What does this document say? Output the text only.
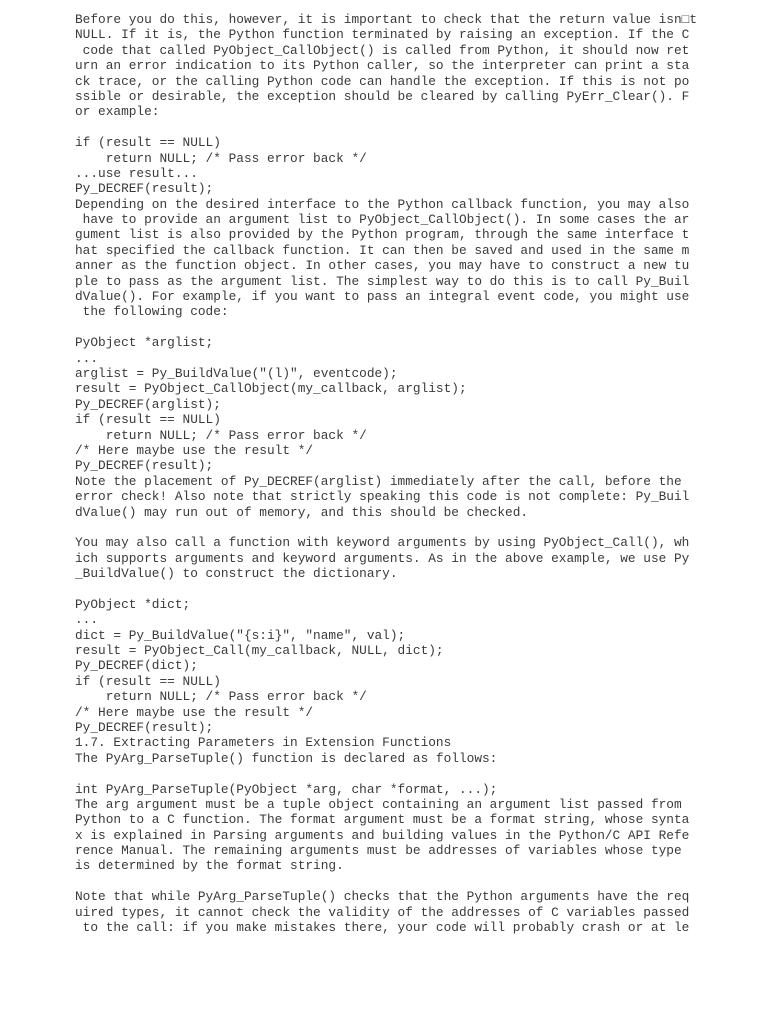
Before you do this, however, it is important to check that the return value isn□t
NULL. If it is, the Python function terminated by raising an exception. If the C
code that called PyObject_CallObject() is called from Python, it should now ret
urn an error indication to its Python caller, so the interpreter can print a sta
ck trace, or the calling Python code can handle the exception. If this is not po
ssible or desirable, the exception should be cleared by calling PyErr_Clear(). F
or example:
if (result == NULL)
return NULL; /* Pass error back */
...use result...
Py_DECREF(result);
Depending on the desired interface to the Python callback function, you may also
have to provide an argument list to PyObject_CallObject(). In some cases the ar
gument list is also provided by the Python program, through the same interface t
hat specified the callback function. It can then be saved and used in the same m
anner as the function object. In other cases, you may have to construct a new tu
ple to pass as the argument list. The simplest way to do this is to call Py_Buil
dValue(). For example, if you want to pass an integral event code, you might use
the following code:
PyObject *arglist;
...
arglist = Py_BuildValue("(l)", eventcode);
result = PyObject_CallObject(my_callback, arglist);
Py_DECREF(arglist);
if (result == NULL)
return NULL; /* Pass error back */
/* Here maybe use the result */
Py_DECREF(result);
Note the placement of Py_DECREF(arglist) immediately after the call, before the
error check! Also note that strictly speaking this code is not complete: Py_Buil
dValue() may run out of memory, and this should be checked.
You may also call a function with keyword arguments by using PyObject_Call(), wh
ich supports arguments and keyword arguments. As in the above example, we use Py
_BuildValue() to construct the dictionary.
PyObject *dict;
...
dict = Py_BuildValue("{s:i}", "name", val);
result = PyObject_Call(my_callback, NULL, dict);
Py_DECREF(dict);
if (result == NULL)
return NULL; /* Pass error back */
/* Here maybe use the result */
Py_DECREF(result);
1.7. Extracting Parameters in Extension Functions
The PyArg_ParseTuple() function is declared as follows:
int PyArg_ParseTuple(PyObject *arg, char *format, ...);
The arg argument must be a tuple object containing an argument list passed from
Python to a C function. The format argument must be a format string, whose synta
x is explained in Parsing arguments and building values in the Python/C API Refe
rence Manual. The remaining arguments must be addresses of variables whose type
is determined by the format string.
Note that while PyArg_ParseTuple() checks that the Python arguments have the req
uired types, it cannot check the validity of the addresses of C variables passed
to the call: if you make mistakes there, your code will probably crash or at le
